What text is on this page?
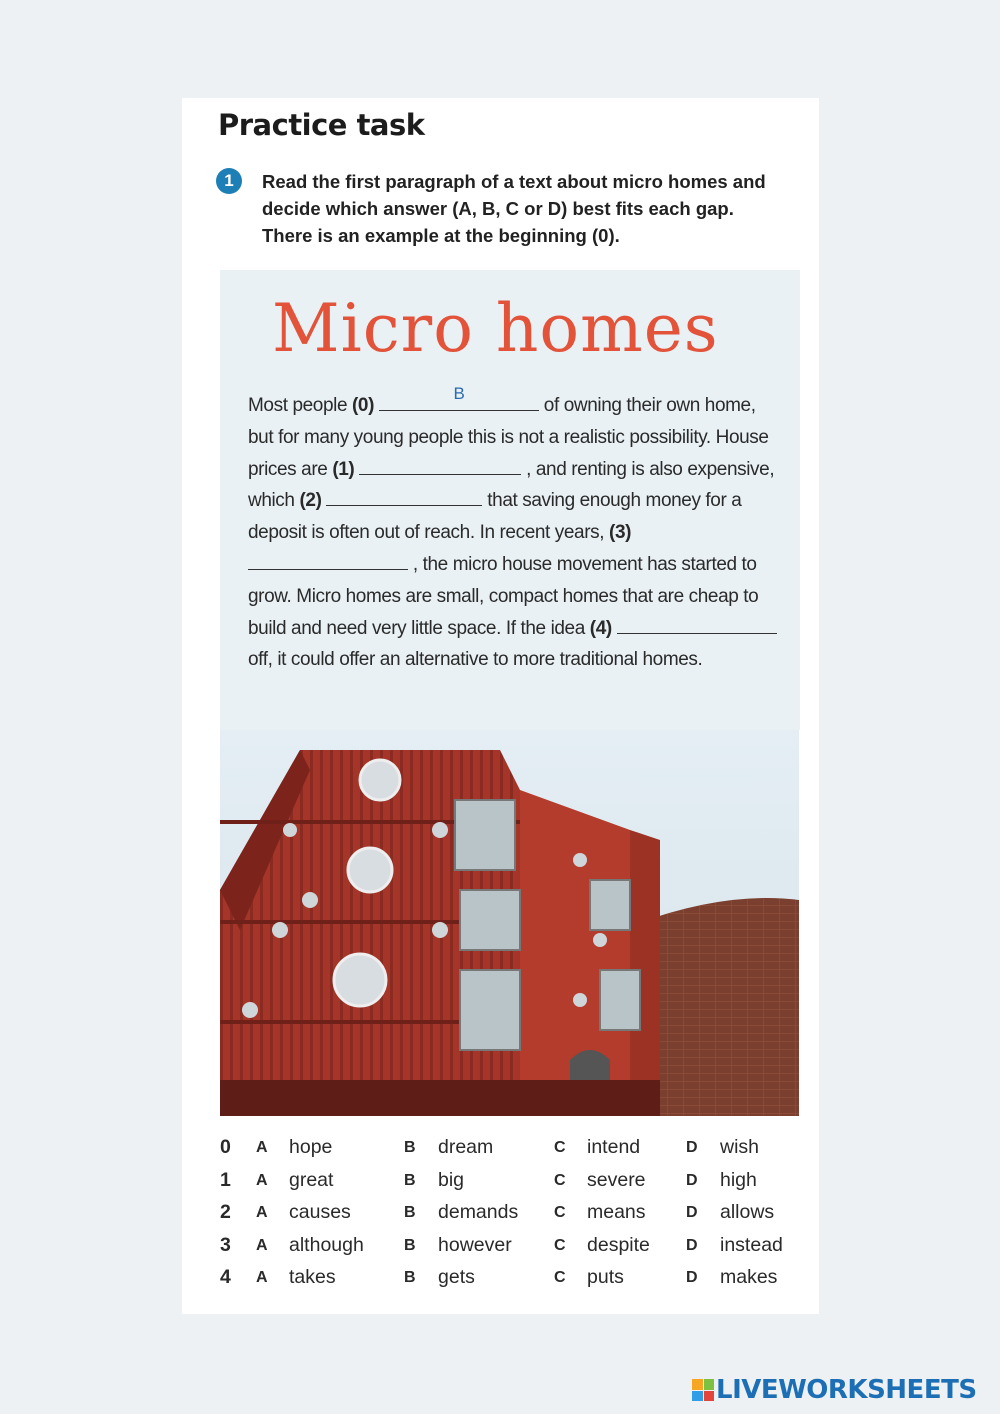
Practice task
1	Read the first paragraph of a text about micro homes and decide which answer (A, B, C or D) best fits each gap. There is an example at the beginning (0).
Micro homes
Most people (0)
B
of owning their own home, but for many young people this is not a realistic possibility. House prices are (1)	, and renting is also expensive, which (2)	that saving enough money for a deposit is often out of reach. In recent years, (3)  , the micro house movement has started to grow. Micro homes are small, compact homes that are cheap to build and need very little space. If the idea (4)  off, it could offer an alternative to more traditional homes.
0 A hope	B dream	C intend	D wish
1 A great	B big	C severe	D high
2 A causes	B demands C means	D allows
3 A although	B however	C despite D instead
4 A takes	B gets	C puts	D makes
LIVEWORKSHEETS
